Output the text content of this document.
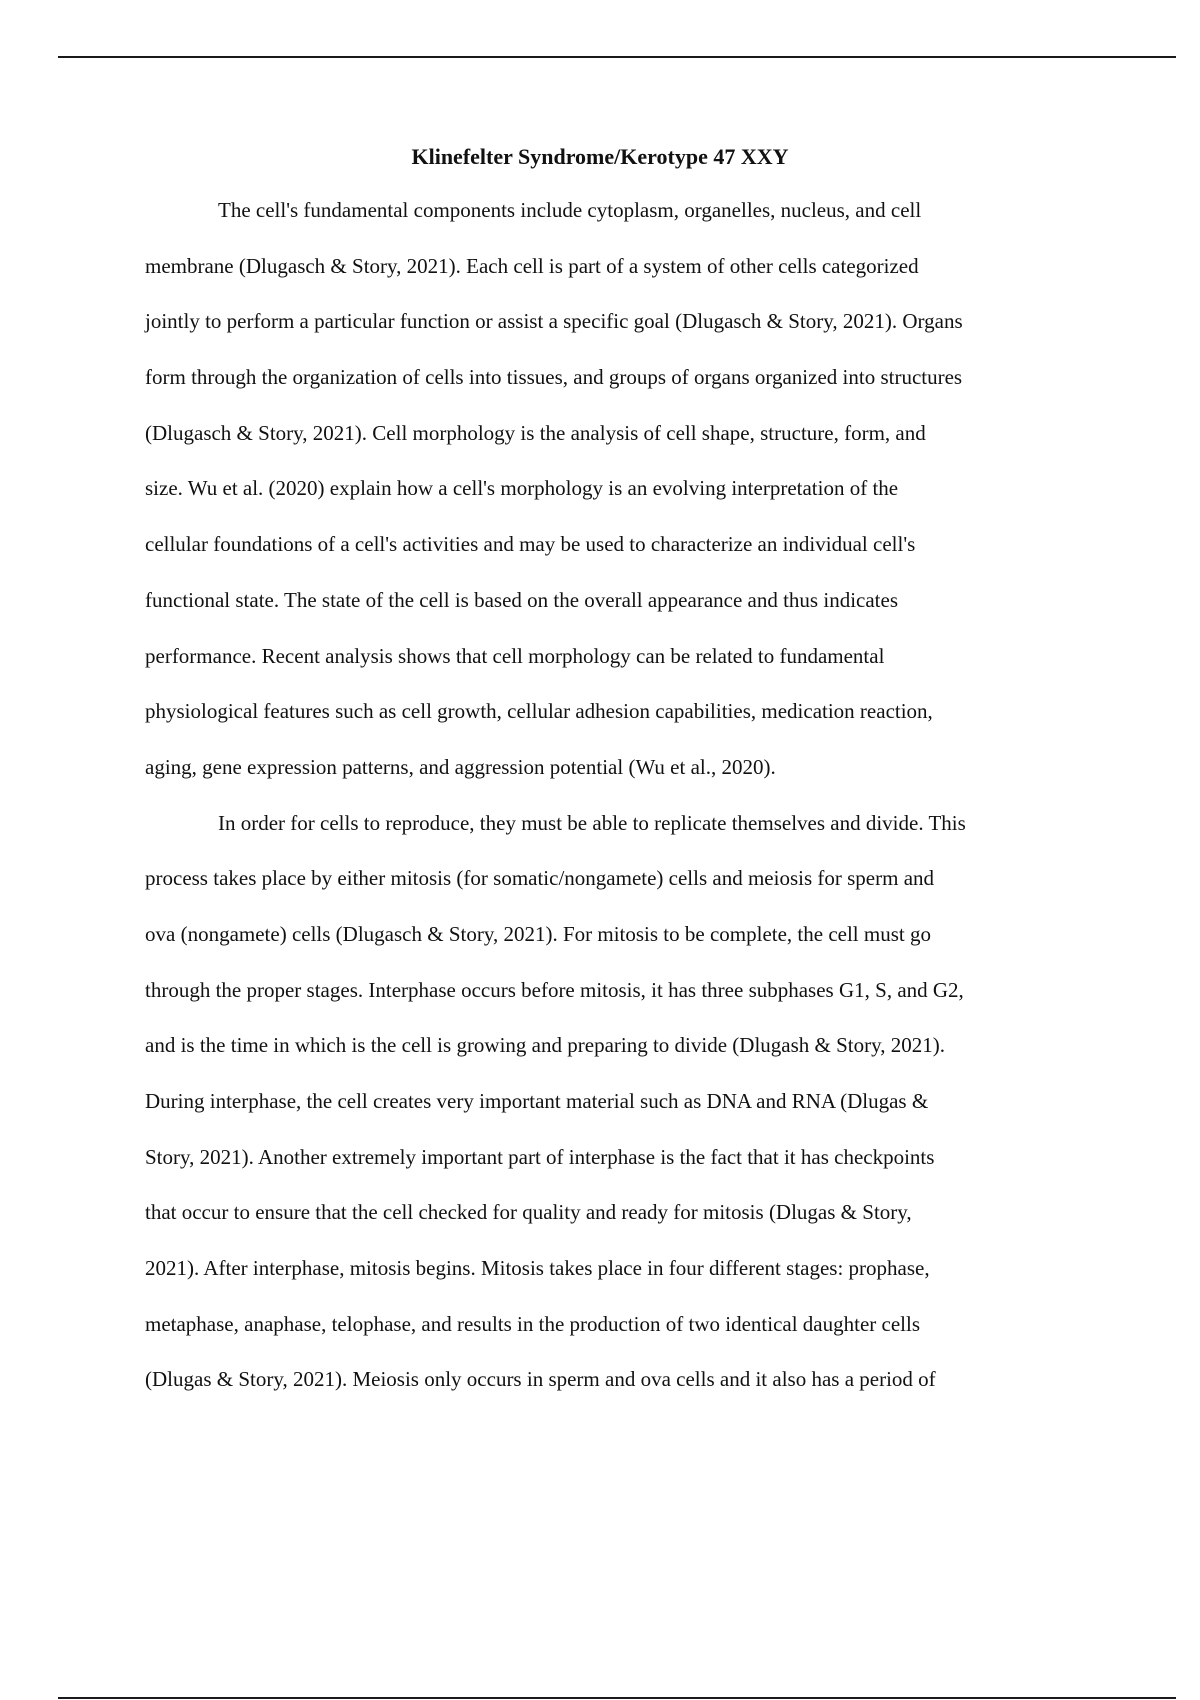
Klinefelter Syndrome/Kerotype 47 XXY
The cell's fundamental components include cytoplasm, organelles, nucleus, and cell
membrane (Dlugasch & Story, 2021). Each cell is part of a system of other cells categorized
jointly to perform a particular function or assist a specific goal (Dlugasch & Story, 2021). Organs
form through the organization of cells into tissues, and groups of organs organized into structures
(Dlugasch & Story, 2021). Cell morphology is the analysis of cell shape, structure, form, and
size. Wu et al. (2020) explain how a cell's morphology is an evolving interpretation of the
cellular foundations of a cell's activities and may be used to characterize an individual cell's
functional state. The state of the cell is based on the overall appearance and thus indicates
performance. Recent analysis shows that cell morphology can be related to fundamental
physiological features such as cell growth, cellular adhesion capabilities, medication reaction,
aging, gene expression patterns, and aggression potential (Wu et al., 2020).
In order for cells to reproduce, they must be able to replicate themselves and divide. This
process takes place by either mitosis (for somatic/nongamete) cells and meiosis for sperm and
ova (nongamete) cells (Dlugasch & Story, 2021). For mitosis to be complete, the cell must go
through the proper stages. Interphase occurs before mitosis, it has three subphases G1, S, and G2,
and is the time in which is the cell is growing and preparing to divide (Dlugash & Story, 2021).
During interphase, the cell creates very important material such as DNA and RNA (Dlugas &
Story, 2021). Another extremely important part of interphase is the fact that it has checkpoints
that occur to ensure that the cell checked for quality and ready for mitosis (Dlugas & Story,
2021). After interphase, mitosis begins. Mitosis takes place in four different stages: prophase,
metaphase, anaphase, telophase, and results in the production of two identical daughter cells
(Dlugas & Story, 2021). Meiosis only occurs in sperm and ova cells and it also has a period of
